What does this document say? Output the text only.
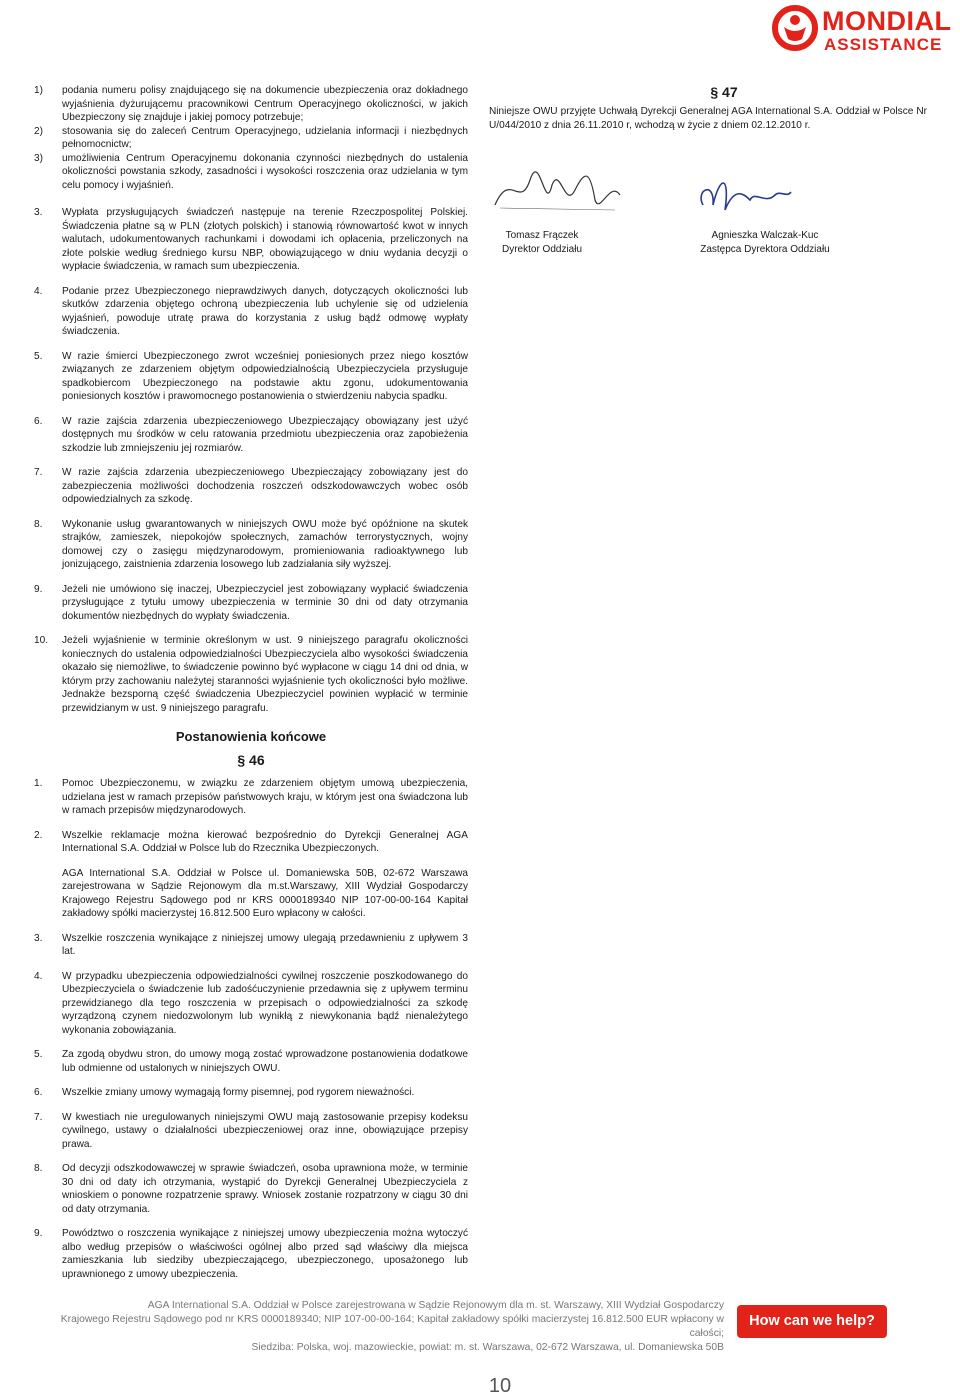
MONDIAL
ASSISTANCE
1) podania numeru polisy znajdującego się na dokumencie ubezpieczenia oraz dokładnego wyjaśnienia dyżurującemu pracownikowi Centrum Operacyjnego okoliczności, w jakich Ubezpieczony się znajduje i jakiej pomocy potrzebuje;
2) stosowania się do zaleceń Centrum Operacyjnego, udzielania informacji i niezbędnych pełnomocnictw;
3) umożliwienia Centrum Operacyjnemu dokonania czynności niezbędnych do ustalenia okoliczności powstania szkody, zasadności i wysokości roszczenia oraz udzielania w tym celu pomocy i wyjaśnień.
3. Wypłata przysługujących świadczeń następuje na terenie Rzeczpospolitej Polskiej. Świadczenia płatne są w PLN (złotych polskich) i stanowią równowartość kwot w innych walutach, udokumentowanych rachunkami i dowodami ich opłacenia, przeliczonych na złote polskie według średniego kursu NBP, obowiązującego w dniu wydania decyzji o wypłacie świadczenia, w ramach sum ubezpieczenia.
4. Podanie przez Ubezpieczonego nieprawdziwych danych, dotyczących okoliczności lub skutków zdarzenia objętego ochroną ubezpieczenia lub uchylenie się od udzielenia wyjaśnień, powoduje utratę prawa do korzystania z usług bądź odmowę wypłaty świadczenia.
5. W razie śmierci Ubezpieczonego zwrot wcześniej poniesionych przez niego kosztów związanych ze zdarzeniem objętym odpowiedzialnością Ubezpieczyciela przysługuje spadkobiercom Ubezpieczonego na podstawie aktu zgonu, udokumentowania poniesionych kosztów i prawomocnego postanowienia o stwierdzeniu nabycia spadku.
6. W razie zajścia zdarzenia ubezpieczeniowego Ubezpieczający obowiązany jest użyć dostępnych mu środków w celu ratowania przedmiotu ubezpieczenia oraz zapobieżenia szkodzie lub zmniejszeniu jej rozmiarów.
7. W razie zajścia zdarzenia ubezpieczeniowego Ubezpieczający zobowiązany jest do zabezpieczenia możliwości dochodzenia roszczeń odszkodowawczych wobec osób odpowiedzialnych za szkodę.
8. Wykonanie usług gwarantowanych w niniejszych OWU może być opóźnione na skutek strajków, zamieszek, niepokojów społecznych, zamachów terrorystycznych, wojny domowej czy o zasięgu międzynarodowym, promieniowania radioaktywnego lub jonizującego, zaistnienia zdarzenia losowego lub zadziałania siły wyższej.
9. Jeżeli nie umówiono się inaczej, Ubezpieczyciel jest zobowiązany wypłacić świadczenia przysługujące z tytułu umowy ubezpieczenia w terminie 30 dni od daty otrzymania dokumentów niezbędnych do wypłaty świadczenia.
10. Jeżeli wyjaśnienie w terminie określonym w ust. 9 niniejszego paragrafu okoliczności koniecznych do ustalenia odpowiedzialności Ubezpieczyciela albo wysokości świadczenia okazało się niemożliwe, to świadczenie powinno być wypłacone w ciągu 14 dni od dnia, w którym przy zachowaniu należytej staranności wyjaśnienie tych okoliczności było możliwe. Jednakże bezsporną część świadczenia Ubezpieczyciel powinien wypłacić w terminie przewidzianym w ust. 9 niniejszego paragrafu.
Postanowienia końcowe
§ 46
1. Pomoc Ubezpieczonemu, w związku ze zdarzeniem objętym umową ubezpieczenia, udzielana jest w ramach przepisów państwowych kraju, w którym jest ona świadczona lub w ramach przepisów międzynarodowych.
2. Wszelkie reklamacje można kierować bezpośrednio do Dyrekcji Generalnej AGA International S.A. Oddział w Polsce lub do Rzecznika Ubezpieczonych.
AGA International S.A. Oddział w Polsce ul. Domaniewska 50B, 02-672 Warszawa zarejestrowana w Sądzie Rejonowym dla m.st.Warszawy, XIII Wydział Gospodarczy Krajowego Rejestru Sądowego pod nr KRS 0000189340 NIP 107-00-00-164 Kapitał zakładowy spółki macierzystej 16.812.500 Euro wpłacony w całości.
3. Wszelkie roszczenia wynikające z niniejszej umowy ulegają przedawnieniu z upływem 3 lat.
4. W przypadku ubezpieczenia odpowiedzialności cywilnej roszczenie poszkodowanego do Ubezpieczyciela o świadczenie lub zadośćuczynienie przedawnia się z upływem terminu przewidzianego dla tego roszczenia w przepisach o odpowiedzialności za szkodę wyrządzoną czynem niedozwolonym lub wynikłą z niewykonania bądź nienależytego wykonania zobowiązania.
5. Za zgodą obydwu stron, do umowy mogą zostać wprowadzone postanowienia dodatkowe lub odmienne od ustalonych w niniejszych OWU.
6. Wszelkie zmiany umowy wymagają formy pisemnej, pod rygorem nieważności.
7. W kwestiach nie uregulowanych niniejszymi OWU mają zastosowanie przepisy kodeksu cywilnego, ustawy o działalności ubezpieczeniowej oraz inne, obowiązujące przepisy prawa.
8. Od decyzji odszkodowawczej w sprawie świadczeń, osoba uprawniona może, w terminie 30 dni od daty ich otrzymania, wystąpić do Dyrekcji Generalnej Ubezpieczyciela z wnioskiem o ponowne rozpatrzenie sprawy. Wniosek zostanie rozpatrzony w ciągu 30 dni od daty otrzymania.
9. Powództwo o roszczenia wynikające z niniejszej umowy ubezpieczenia można wytoczyć albo według przepisów o właściwości ogólnej albo przed sąd właściwy dla miejsca zamieszkania lub siedziby ubezpieczającego, ubezpieczonego, uposażonego lub uprawnionego z umowy ubezpieczenia.
§ 47
Niniejsze OWU przyjęte Uchwałą Dyrekcji Generalnej AGA International S.A. Oddział w Polsce Nr U/044/2010 z dnia 26.11.2010 r, wchodzą w życie z dniem 02.12.2010 r.
Tomasz Frączek
Dyrektor Oddziału
Agnieszka Walczak-Kuc
Zastępca Dyrektora Oddziału
AGA International S.A. Oddział w Polsce zarejestrowana w Sądzie Rejonowym dla m. st. Warszawy, XIII Wydział Gospodarczy
Krajowego Rejestru Sądowego pod nr KRS 0000189340; NIP 107-00-00-164; Kapitał zakładowy spółki macierzystej 16.812.500 EUR wpłacony w całości;
Siedziba: Polska, woj. mazowieckie, powiat: m. st. Warszawa, 02-672 Warszawa, ul. Domaniewska 50B
How can we help?
10
